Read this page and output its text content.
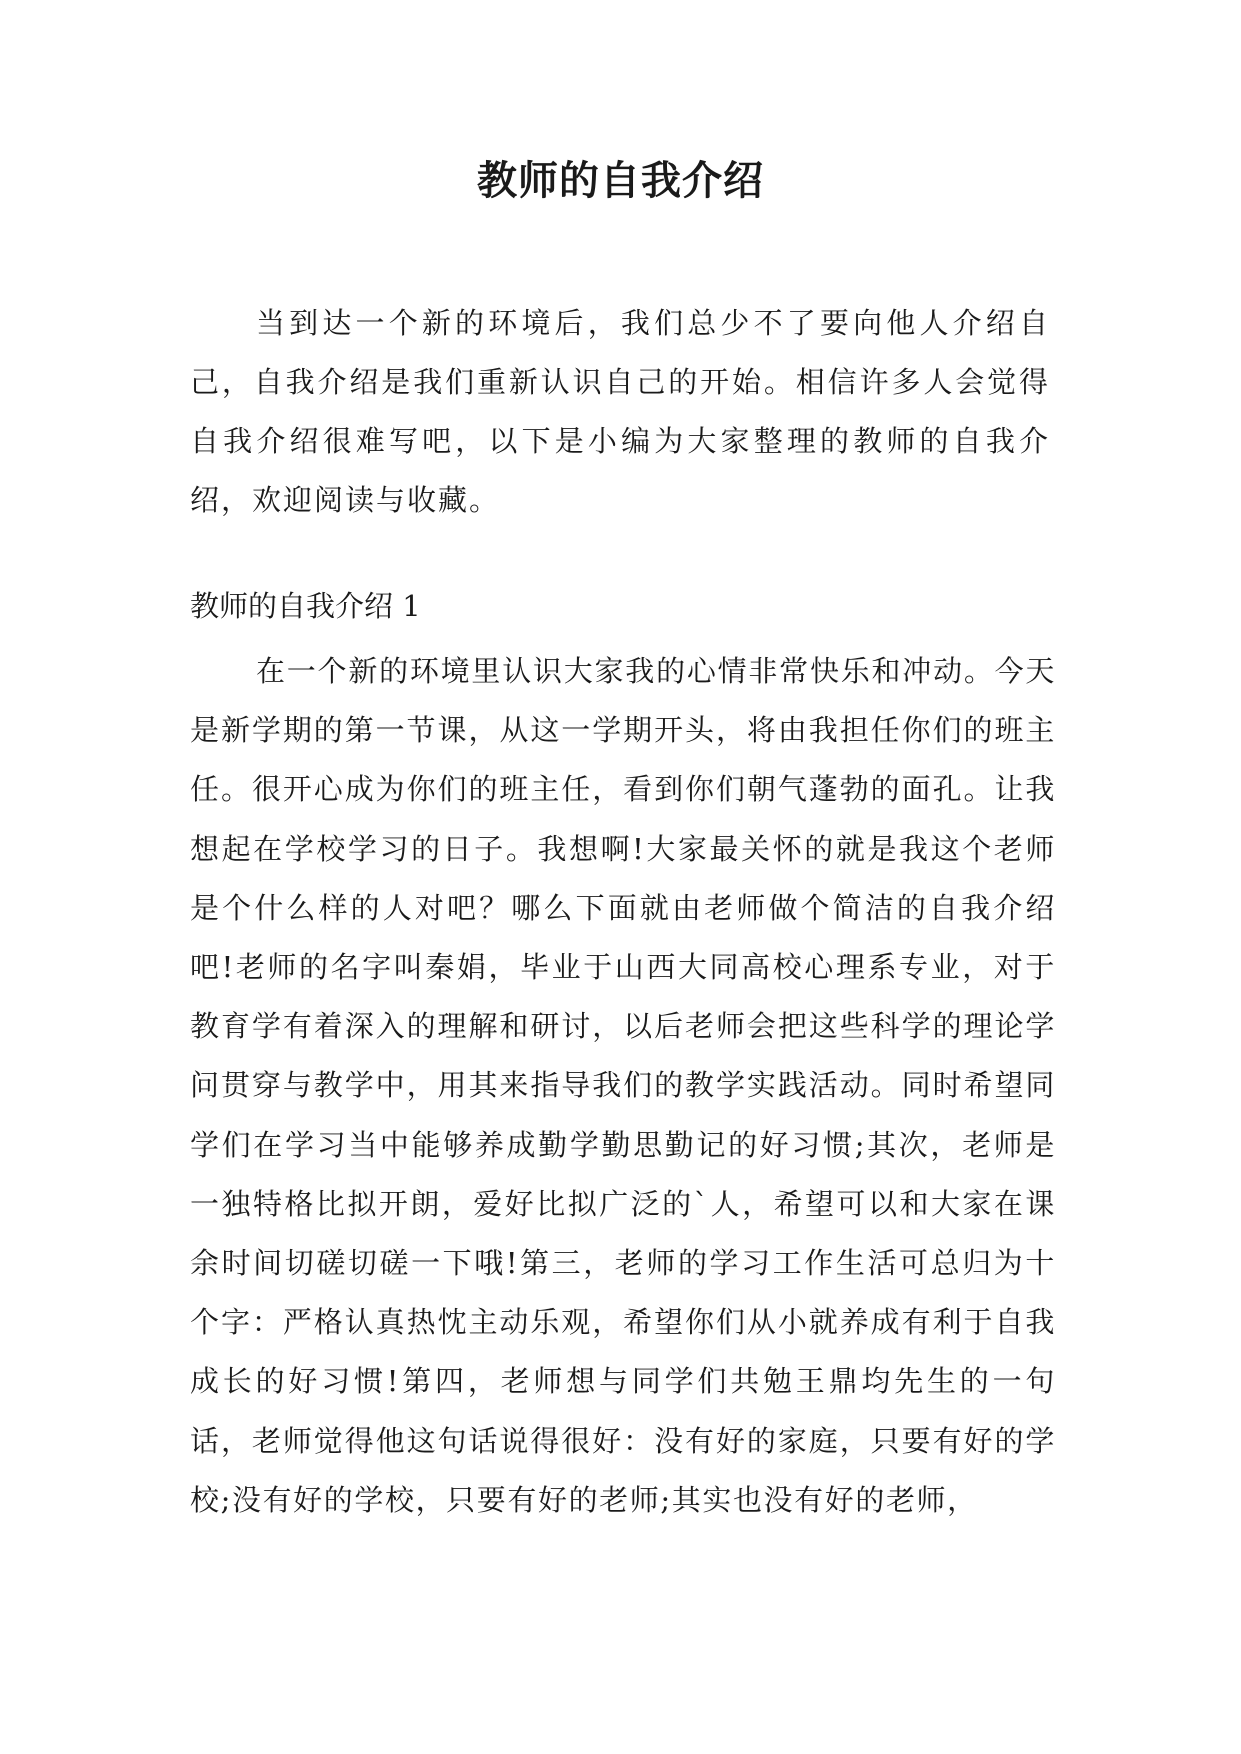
教师的自我介绍

当到达一个新的环境后，我们总少不了要向他人介绍自己，自我介绍是我们重新认识自己的开始。相信许多人会觉得自我介绍很难写吧，以下是小编为大家整理的教师的自我介绍，欢迎阅读与收藏。

教师的自我介绍 1

在一个新的环境里认识大家我的心情非常快乐和冲动。今天是新学期的第一节课，从这一学期开头，将由我担任你们的班主任。很开心成为你们的班主任，看到你们朝气蓬勃的面孔。让我想起在学校学习的日子。我想啊!大家最关怀的就是我这个老师是个什么样的人对吧？哪么下面就由老师做个简洁的自我介绍吧!老师的名字叫秦娟，毕业于山西大同高校心理系专业，对于教育学有着深入的理解和研讨，以后老师会把这些科学的理论学问贯穿与教学中，用其来指导我们的教学实践活动。同时希望同学们在学习当中能够养成勤学勤思勤记的好习惯;其次，老师是一独特格比拟开朗，爱好比拟广泛的`人，希望可以和大家在课余时间切磋切磋一下哦!第三，老师的学习工作生活可总归为十个字：严格认真热忱主动乐观，希望你们从小就养成有利于自我成长的好习惯!第四，老师想与同学们共勉王鼎均先生的一句话，老师觉得他这句话说得很好：没有好的家庭，只要有好的学校;没有好的学校，只要有好的老师;其实也没有好的老师，
